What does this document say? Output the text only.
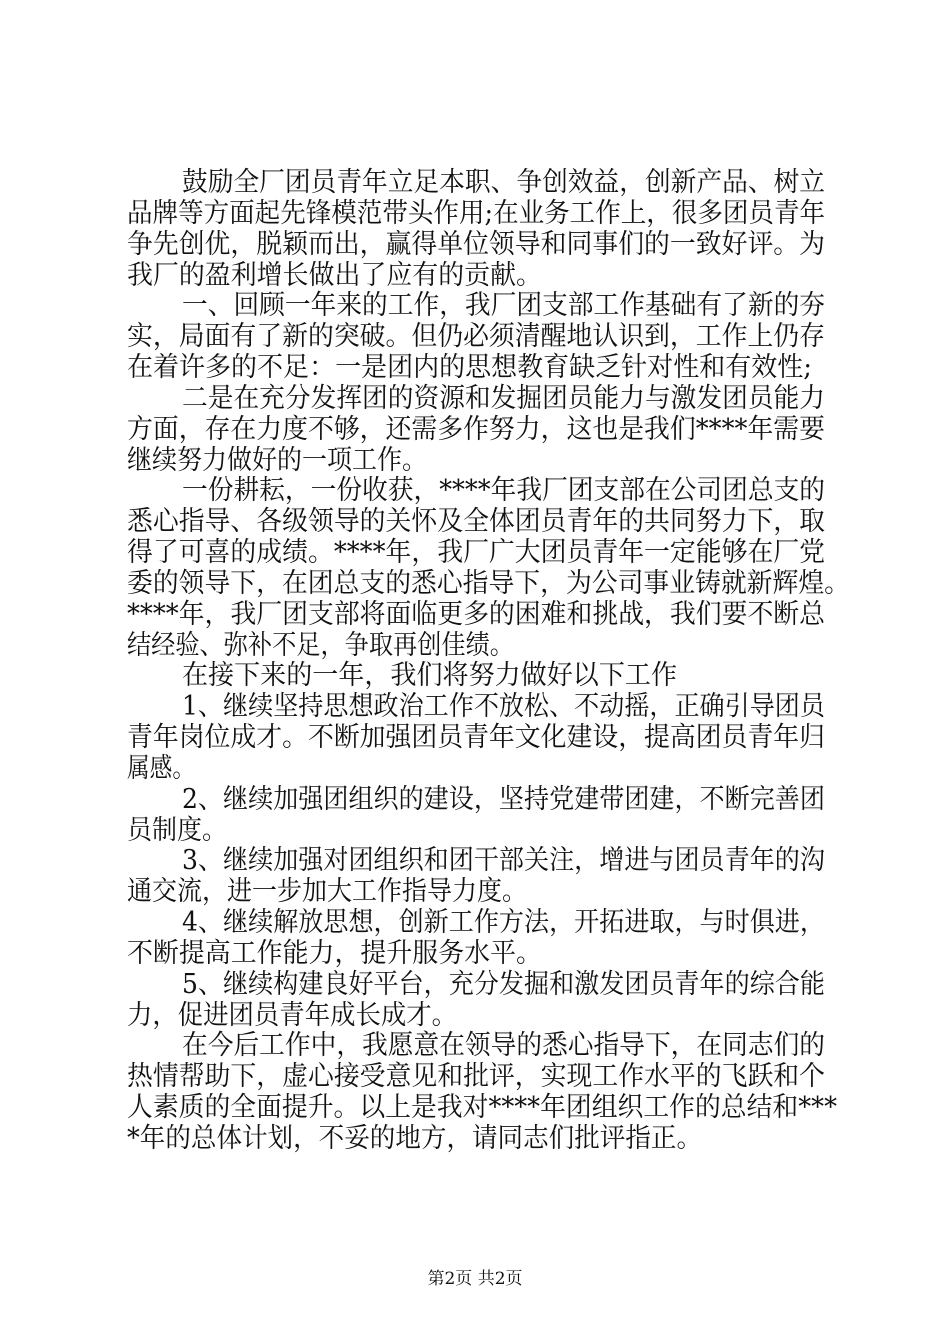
鼓励全厂团员青年立足本职、争创效益，创新产品、树立
品牌等方面起先锋模范带头作用;在业务工作上，很多团员青年
争先创优，脱颖而出，赢得单位领导和同事们的一致好评。为
我厂的盈利增长做出了应有的贡献。
一、回顾一年来的工作，我厂团支部工作基础有了新的夯
实，局面有了新的突破。但仍必须清醒地认识到，工作上仍存
在着许多的不足：一是团内的思想教育缺乏针对性和有效性;
二是在充分发挥团的资源和发掘团员能力与激发团员能力
方面，存在力度不够，还需多作努力，这也是我们****年需要
继续努力做好的一项工作。
一份耕耘，一份收获，****年我厂团支部在公司团总支的
悉心指导、各级领导的关怀及全体团员青年的共同努力下，取
得了可喜的成绩。****年，我厂广大团员青年一定能够在厂党
委的领导下，在团总支的悉心指导下，为公司事业铸就新辉煌。
****年，我厂团支部将面临更多的困难和挑战，我们要不断总
结经验、弥补不足，争取再创佳绩。
在接下来的一年，我们将努力做好以下工作
1、继续坚持思想政治工作不放松、不动摇，正确引导团员
青年岗位成才。不断加强团员青年文化建设，提高团员青年归
属感。
2、继续加强团组织的建设，坚持党建带团建，不断完善团
员制度。
3、继续加强对团组织和团干部关注，增进与团员青年的沟
通交流，进一步加大工作指导力度。
4、继续解放思想，创新工作方法，开拓进取，与时俱进，
不断提高工作能力，提升服务水平。
5、继续构建良好平台，充分发掘和激发团员青年的综合能
力，促进团员青年成长成才。
在今后工作中，我愿意在领导的悉心指导下，在同志们的
热情帮助下，虚心接受意见和批评，实现工作水平的飞跃和个
人素质的全面提升。以上是我对****年团组织工作的总结和***
*年的总体计划，不妥的地方，请同志们批评指正。
第2页 共2页
